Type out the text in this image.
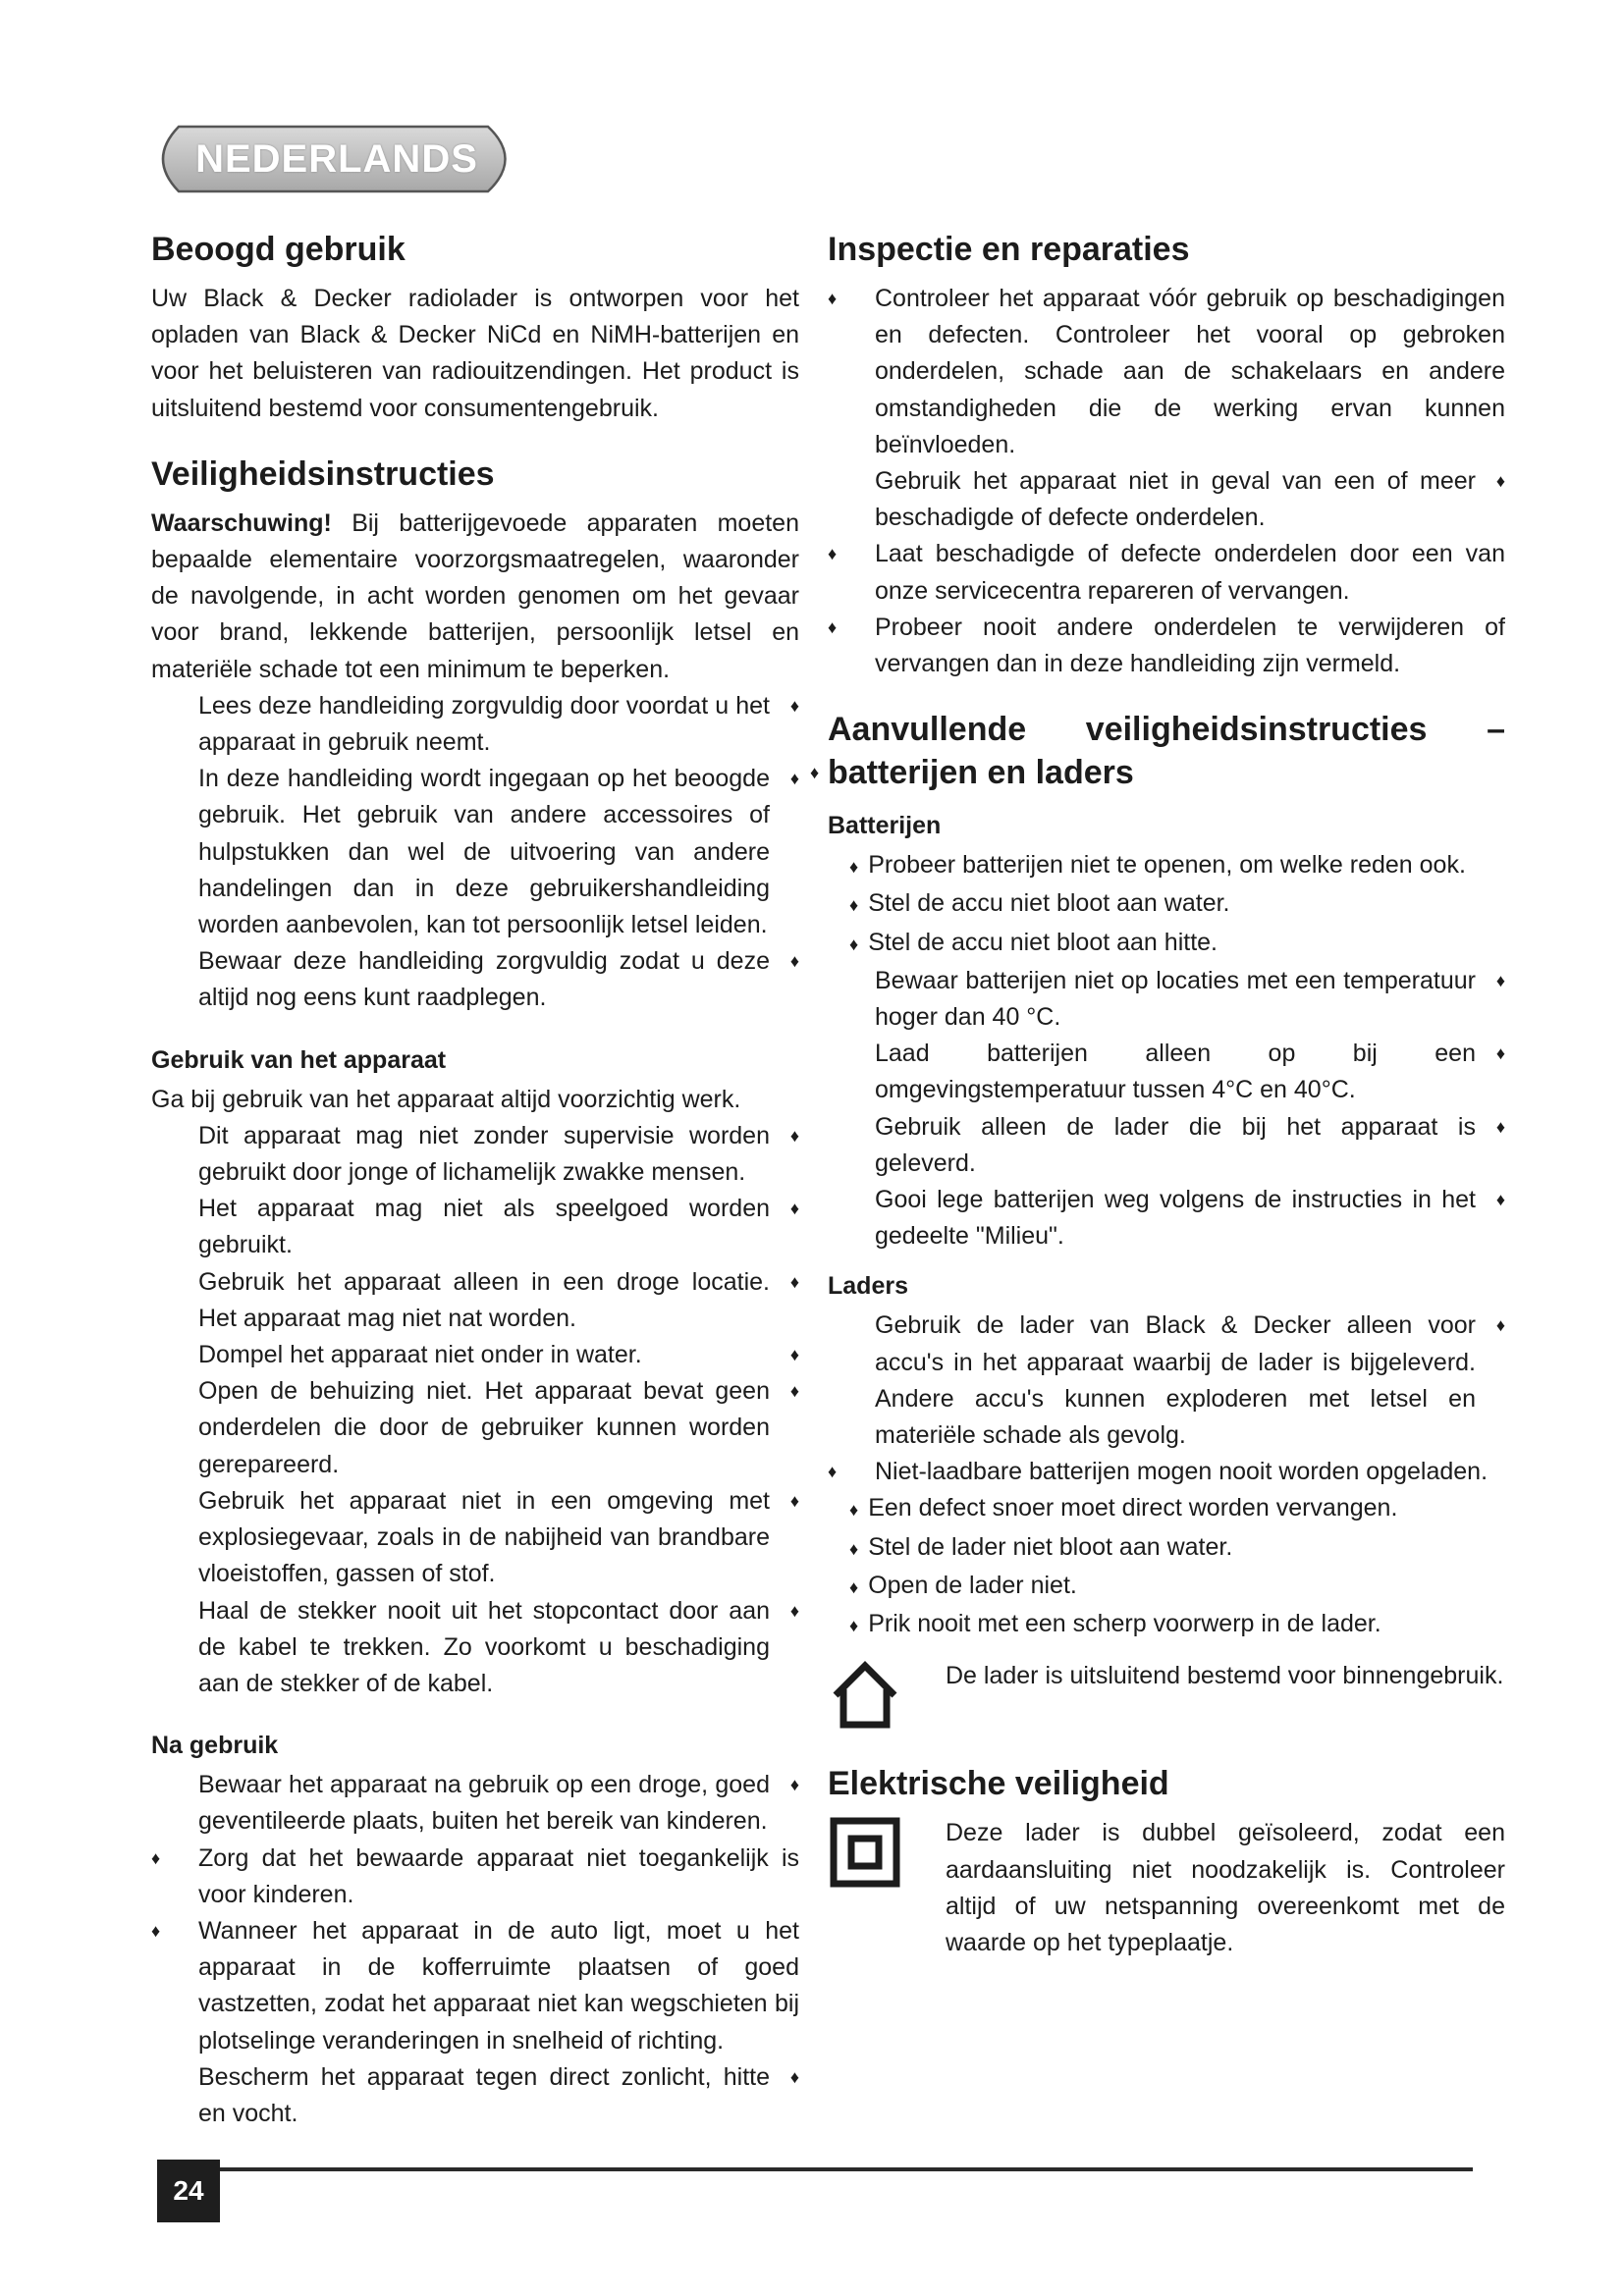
NEDERLANDS
Beoogd gebruik

Uw Black & Decker radiolader is ontworpen voor het opladen van Black & Decker NiCd en NiMH-batterijen en voor het beluisteren van radiouitzendingen. Het product is uitsluitend bestemd voor consumentengebruik.

Veiligheidsinstructies

Waarschuwing! Bij batterijgevoede apparaten moeten bepaalde elementaire voorzorgsmaatregelen, waaronder de navolgende, in acht worden genomen om het gevaar voor brand, lekkende batterijen, persoonlijk letsel en materiële schade tot een minimum te beperken.

Lees deze handleiding zorgvuldig door voordat u het apparaat in gebruik neemt.
♦
In deze handleiding wordt ingegaan op het beoogde gebruik. Het gebruik van andere accessoires of hulpstukken dan wel de uitvoering van andere handelingen dan in deze gebruikershandleiding worden aanbevolen, kan tot persoonlijk letsel leiden.
♦
Bewaar deze handleiding zorgvuldig zodat u deze altijd nog eens kunt raadplegen.
♦
Gebruik van het apparaat

Ga bij gebruik van het apparaat altijd voorzichtig werk.

Dit apparaat mag niet zonder supervisie worden gebruikt door jonge of lichamelijk zwakke mensen.
♦
Het apparaat mag niet als speelgoed worden gebruikt.
♦
Gebruik het apparaat alleen in een droge locatie. Het apparaat mag niet nat worden.
♦
Dompel het apparaat niet onder in water.	♦
Open de behuizing niet. Het apparaat bevat geen onderdelen die door de gebruiker kunnen worden gerepareerd.
♦
Gebruik het apparaat niet in een omgeving met explosiegevaar, zoals in de nabijheid van brandbare vloeistoffen, gassen of stof.
♦
Haal de stekker nooit uit het stopcontact door aan de kabel te trekken. Zo voorkomt u beschadiging aan de stekker of de kabel.
♦
Na gebruik
Bewaar het apparaat na gebruik op een droge, goed geventileerde plaats, buiten het bereik van kinderen.
♦
♦ Zorg dat het bewaarde apparaat niet toegankelijk is voor kinderen.
♦ Wanneer het apparaat in de auto ligt, moet u het apparaat in de kofferruimte plaatsen of goed vastzetten, zodat het apparaat niet kan wegschieten bij plotselinge veranderingen in snelheid of richting.
Bescherm het apparaat tegen direct zonlicht, hitte en vocht.
♦
Inspectie en reparaties
♦ Controleer het apparaat vóór gebruik op beschadigingen en defecten. Controleer het vooral op gebroken onderdelen, schade aan de schakelaars en andere omstandigheden die de werking ervan kunnen beïnvloeden.
Gebruik het apparaat niet in geval van een of meer beschadigde of defecte onderdelen.
♦
♦ Laat beschadigde of defecte onderdelen door een van onze servicecentra repareren of vervangen.
♦ Probeer nooit andere onderdelen te verwijderen of vervangen dan in deze handleiding zijn vermeld.
Aanvullende veiligheidsinstructies –
♦ batterijen en laders
Batterijen
♦ Probeer batterijen niet te openen, om welke reden ook.
♦ Stel de accu niet bloot aan water.
♦ Stel de accu niet bloot aan hitte.
Bewaar batterijen niet op locaties met een temperatuur hoger dan 40 °C.
♦
Laad batterijen alleen op bij een omgevingstemperatuur tussen 4°C en 40°C.
♦
Gebruik alleen de lader die bij het apparaat is geleverd.
♦
Gooi lege batterijen weg volgens de instructies in het gedeelte "Milieu".
♦
Laders
Gebruik de lader van Black & Decker alleen voor accu's in het apparaat waarbij de lader is bijgeleverd. Andere accu's kunnen exploderen met letsel en materiële schade als gevolg.
♦
♦ Niet-laadbare batterijen mogen nooit worden opgeladen.
♦ Een defect snoer moet direct worden vervangen.
♦ Stel de lader niet bloot aan water.
♦ Open de lader niet.
♦ Prik nooit met een scherp voorwerp in de lader.

De lader is uitsluitend bestemd voor binnengebruik.

Elektrische veiligheid

Deze lader is dubbel geïsoleerd, zodat een aardaansluiting niet noodzakelijk is. Controleer altijd of uw netspanning overeenkomt met de waarde op het typeplaatje.

24
